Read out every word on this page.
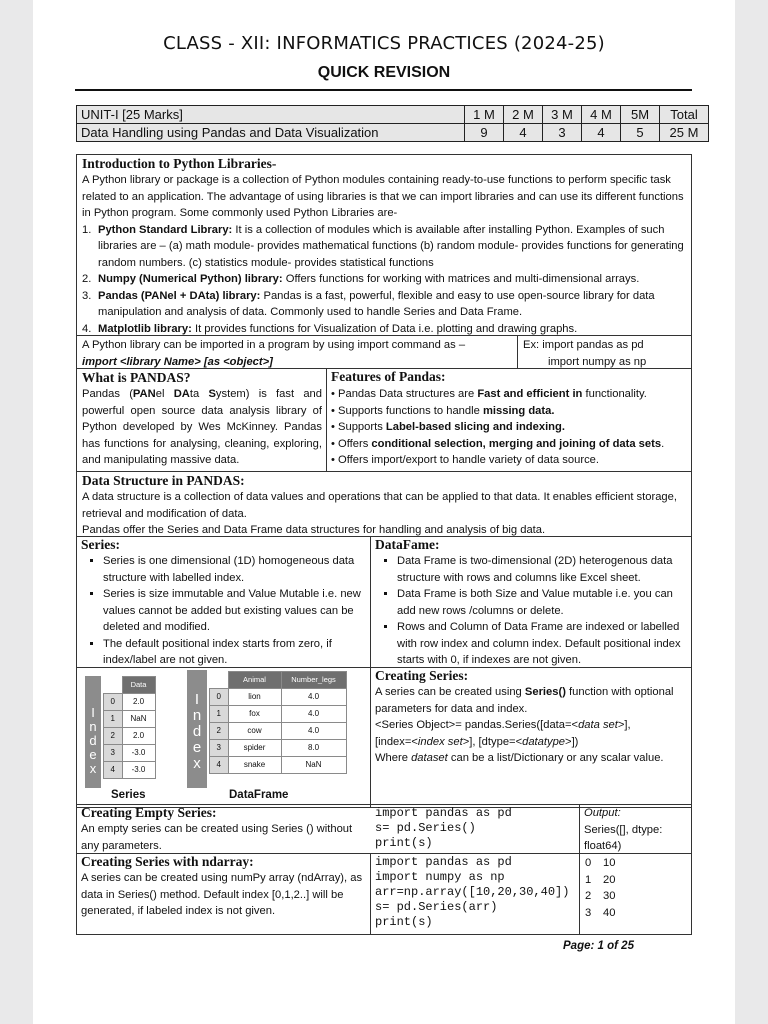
CLASS - XII: INFORMATICS PRACTICES (2024-25)
QUICK REVISION
UNIT-I [25 Marks]	1 M	2 M	3 M	4 M	5M	Total
Data Handling using Pandas and Data Visualization	9	4	3	4	5	25 M
Introduction to Python Libraries-
A Python library or package is a collection of Python modules containing ready-to-use functions to perform specific task related to an application. The advantage of using libraries is that we can import libraries and can use its different functions in Python program. Some commonly used Python Libraries are-
1. Python Standard Library: It is a collection of modules which is available after installing Python. Examples of such libraries are – (a) math module- provides mathematical functions (b) random module- provides functions for generating random numbers. (c) statistics module- provides statistical functions
2. Numpy (Numerical Python) library: Offers functions for working with matrices and multi-dimensional arrays.
3. Pandas (PANel + DAta) library: Pandas is a fast, powerful, flexible and easy to use open-source library for data manipulation and analysis of data. Commonly used to handle Series and Data Frame.
4. Matplotlib library: It provides functions for Visualization of Data i.e. plotting and drawing graphs.
A Python library can be imported in a program by using import command as –
import <library Name> [as <object>]
Ex: import pandas as pd
import numpy as np
What is PANDAS?
Pandas (PANel DAta System) is fast and powerful open source data analysis library of Python developed by Wes McKinney. Pandas has functions for analysing, cleaning, exploring, and manipulating massive data.
Features of Pandas:
• Pandas Data structures are Fast and efficient in functionality.
• Supports functions to handle missing data.
• Supports Label-based slicing and indexing.
• Offers conditional selection, merging and joining of data sets.
• Offers import/export to handle variety of data source.
Data Structure in PANDAS:
A data structure is a collection of data values and operations that can be applied to that data. It enables efficient storage, retrieval and modification of data.
Pandas offer the Series and Data Frame data structures for handling and analysis of big data.
Series:
▪ Series is one dimensional (1D) homogeneous data structure with labelled index.
▪ Series is size immutable and Value Mutable i.e. new values cannot be added but existing values can be deleted and modified.
▪ The default positional index starts from zero, if index/label are not given.
DataFame:
▪ Data Frame is two-dimensional (2D) heterogenous data structure with rows and columns like Excel sheet.
▪ Data Frame is both Size and Value mutable i.e. you can add new rows /columns or delete.
▪ Rows and Column of Data Frame are indexed or labelled with row index and column index. Default positional index starts with 0, if indexes are not given.
I
n
d
e
x
	Data
0	2.0
1	NaN
2	2.0
3	-3.0
4	-3.0
I
n
d
e
x
	Animal	Number_legs
0	lion	4.0
1	fox	4.0
2	cow	4.0
3	spider	8.0
4	snake	NaN
Series	DataFrame
Creating Series:
A series can be created using Series() function with optional parameters for data and index.
<Series Object>= pandas.Series([data=<data set>],
[index=<index set>], [dtype=<datatype>])
Where dataset can be a list/Dictionary or any scalar value.
Creating Empty Series:
An empty series can be created using Series () without any parameters.
import pandas as pd
s= pd.Series()
print(s)
Output:
Series([], dtype:
float64)
Creating Series with ndarray:
A series can be created using numPy array (ndArray), as data in Series() method. Default index [0,1,2..] will be generated, if labeled index is not given.
import pandas as pd
import numpy as np
arr=np.array([10,20,30,40])
s= pd.Series(arr)
print(s)
0 10
1 20
2 30
3 40
Page: 1 of 25
